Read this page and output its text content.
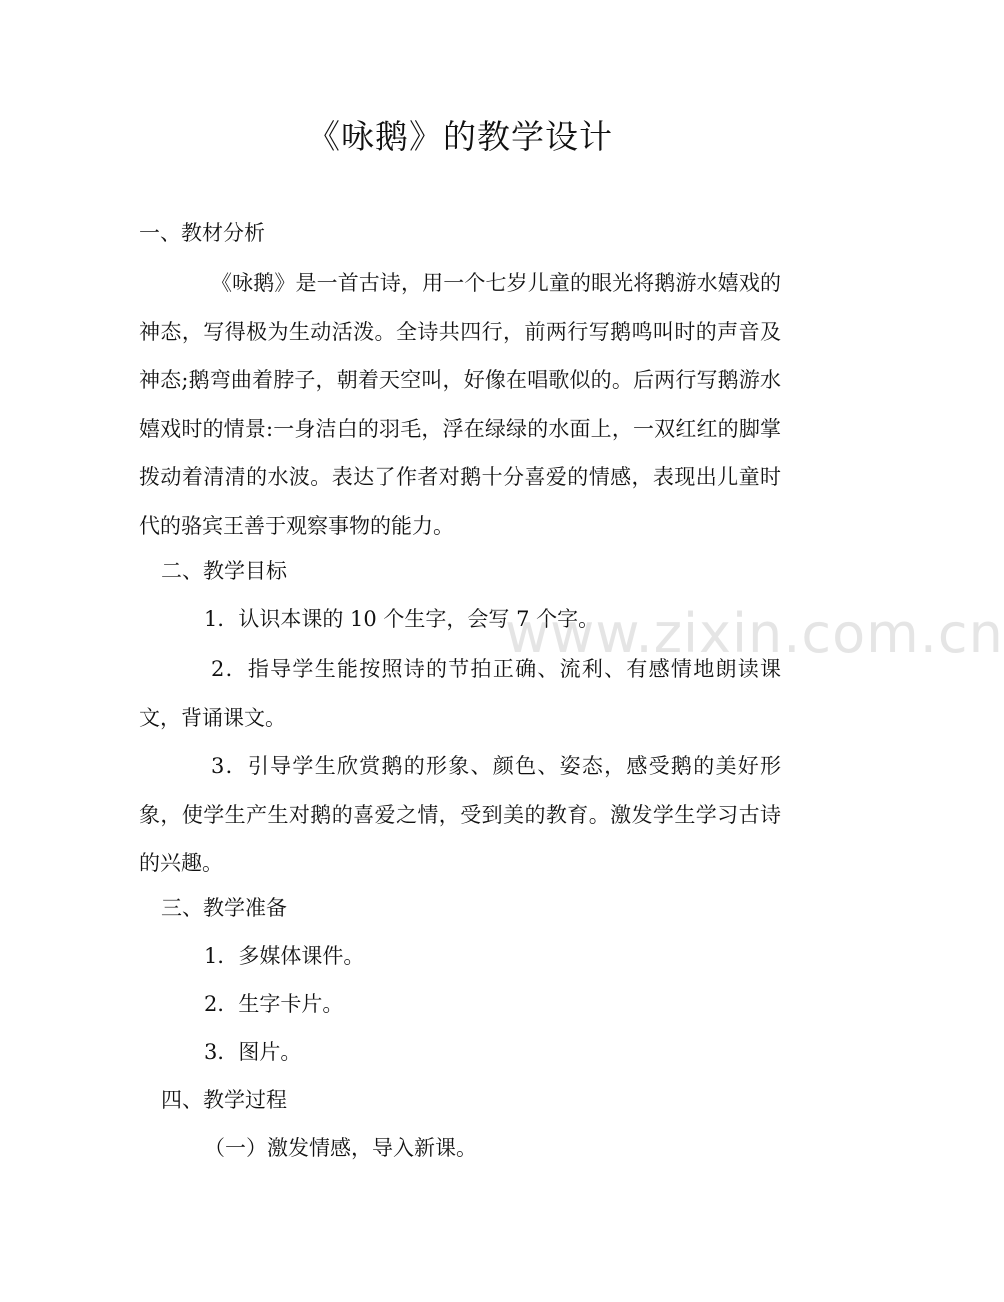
《咏鹅》的教学设计
一、教材分析

《咏鹅》是一首古诗，用一个七岁儿童的眼光将鹅游水嬉戏的神态，写得极为生动活泼。全诗共四行，前两行写鹅鸣叫时的声音及神态;鹅弯曲着脖子，朝着天空叫，好像在唱歌似的。后两行写鹅游水嬉戏时的情景:一身洁白的羽毛，浮在绿绿的水面上，一双红红的脚掌拨动着清清的水波。表达了作者对鹅十分喜爱的情感，表现出儿童时代的骆宾王善于观察事物的能力。

二、教学目标
1．认识本课的 10 个生字，会写 7 个字。

2．指导学生能按照诗的节拍正确、流利、有感情地朗读课文，背诵课文。

3．引导学生欣赏鹅的形象、颜色、姿态，感受鹅的美好形象，使学生产生对鹅的喜爱之情，受到美的教育。激发学生学习古诗的兴趣。

三、教学准备
1．多媒体课件。
2．生字卡片。
3．图片。
四、教学过程
（一）激发情感，导入新课。
www.zixin.com.cn
